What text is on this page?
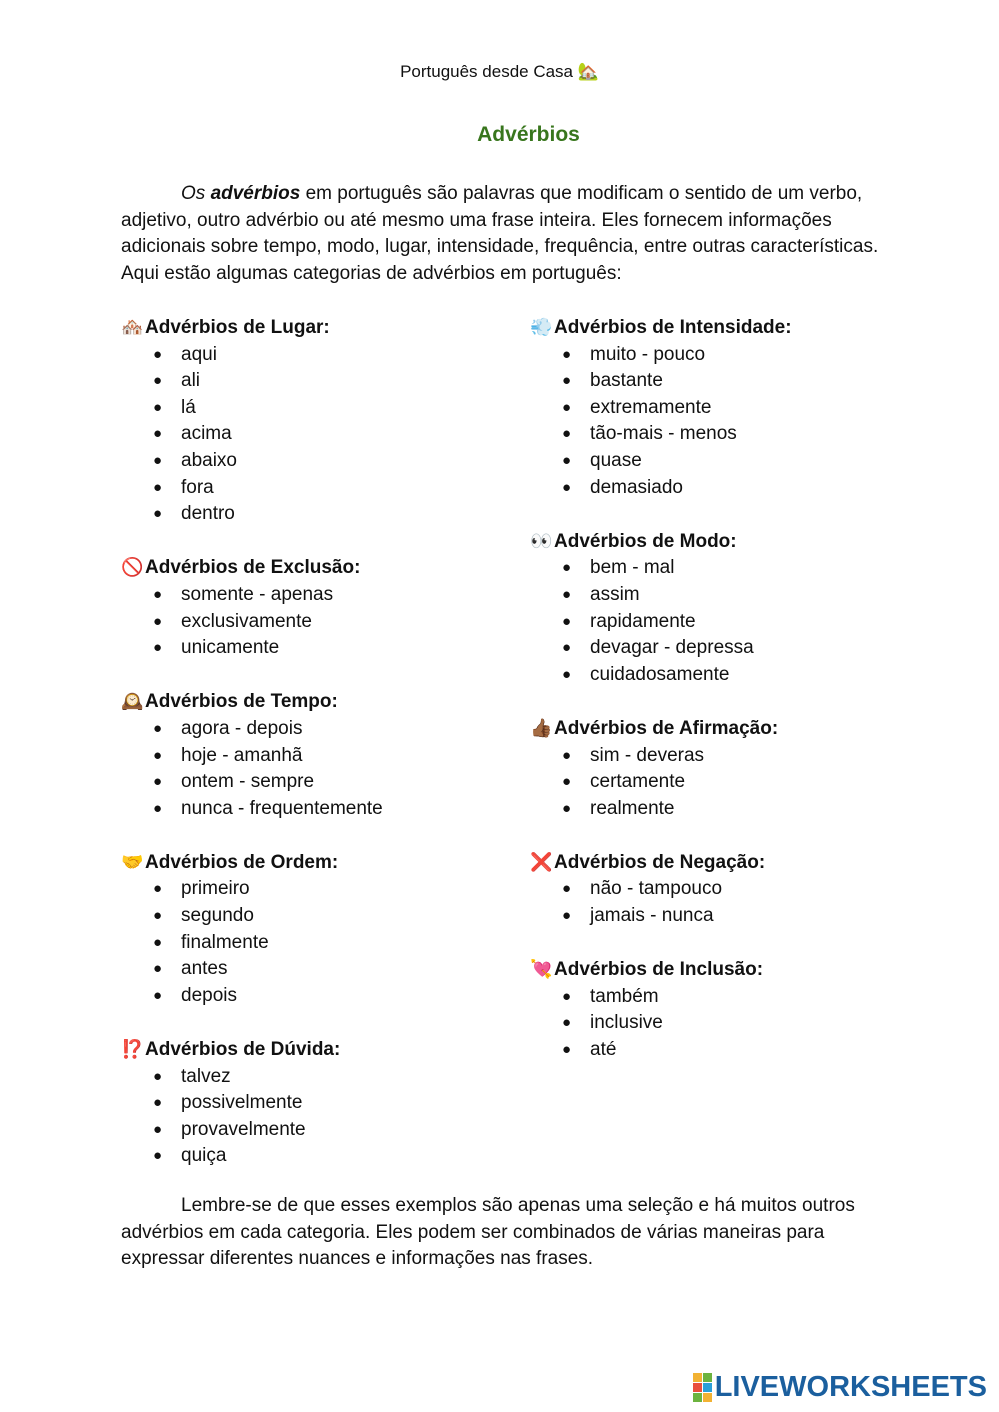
Português desde Casa 🏡
Advérbios

Os advérbios em português são palavras que modificam o sentido de um verbo, adjetivo, outro advérbio ou até mesmo uma frase inteira. Eles fornecem informações adicionais sobre tempo, modo, lugar, intensidade, frequência, entre outras características. Aqui estão algumas categorias de advérbios em português:

🏘️Advérbios de Lugar:
● aqui
● ali
● lá
● acima
● abaixo
● fora
● dentro
🚫Advérbios de Exclusão:
● somente - apenas
● exclusivamente
● unicamente
🕰️Advérbios de Tempo:
● agora - depois
● hoje - amanhã
● ontem - sempre
● nunca - frequentemente
🤝Advérbios de Ordem:
● primeiro
● segundo
● finalmente
● antes
● depois
⁉️Advérbios de Dúvida:
● talvez
● possivelmente
● provavelmente
● quiça
💨Advérbios de Intensidade:
● muito - pouco
● bastante
● extremamente
● tão-mais - menos
● quase
● demasiado
👀Advérbios de Modo:
● bem - mal
● assim
● rapidamente
● devagar - depressa
● cuidadosamente
👍🏾Advérbios de Afirmação:
● sim - deveras
● certamente
● realmente
❌Advérbios de Negação:
● não - tampouco
● jamais - nunca
💘Advérbios de Inclusão:
● também
● inclusive
● até

Lembre-se de que esses exemplos são apenas uma seleção e há muitos outros advérbios em cada categoria. Eles podem ser combinados de várias maneiras para expressar diferentes nuances e informações nas frases.

LIVEWORKSHEETS
